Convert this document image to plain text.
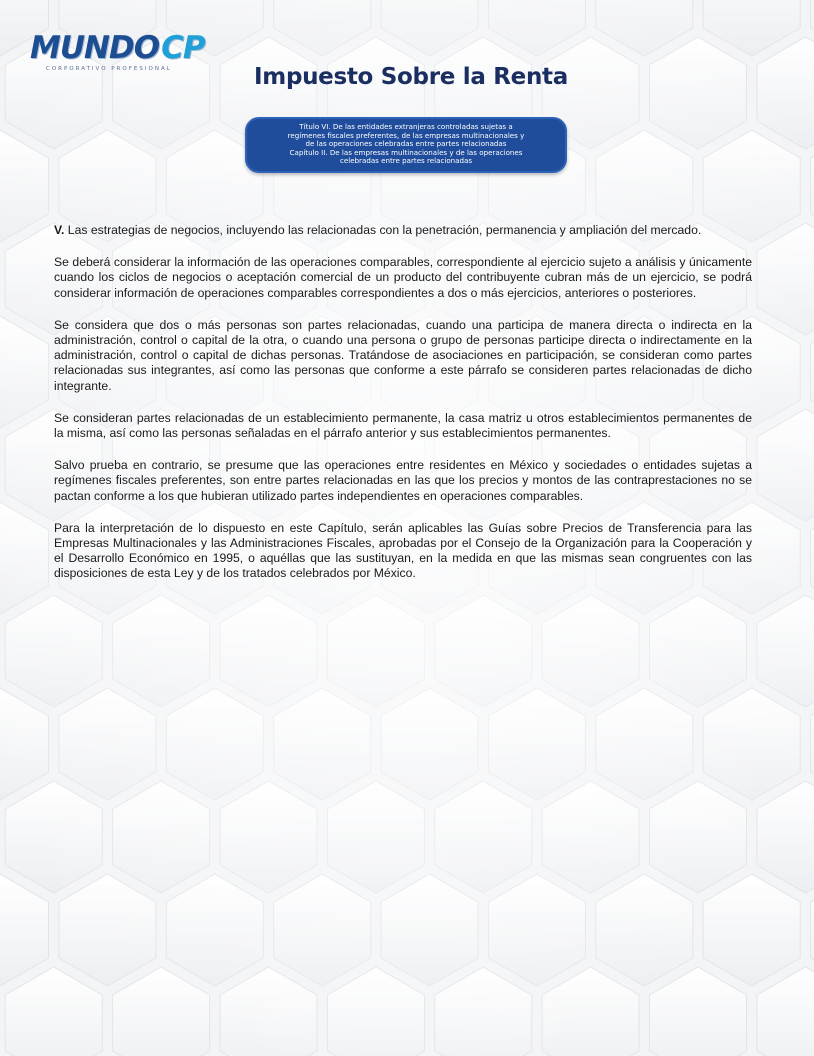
MUNDOCP
CORPORATIVO PROFESIONAL	Impuesto Sobre la Renta
Título VI. De las entidades extranjeras controladas sujetas a
regímenes fiscales preferentes, de las empresas multinacionales y
de las operaciones celebradas entre partes relacionadas
Capítulo II. De las empresas multinacionales y de las operaciones
celebradas entre partes relacionadas

V. Las estrategias de negocios, incluyendo las relacionadas con la penetración, permanencia y ampliación del mercado.

Se deberá considerar la información de las operaciones comparables, correspondiente al ejercicio sujeto a análisis y únicamente cuando los ciclos de negocios o aceptación comercial de un producto del contribuyente cubran más de un ejercicio, se podrá considerar información de operaciones comparables correspondientes a dos o más ejercicios, anteriores o posteriores.

Se considera que dos o más personas son partes relacionadas, cuando una participa de manera directa o indirecta en la administración, control o capital de la otra, o cuando una persona o grupo de personas participe directa o indirectamente en la administración, control o capital de dichas personas. Tratándose de asociaciones en participación, se consideran como partes relacionadas sus integrantes, así como las personas que conforme a este párrafo se consideren partes relacionadas de dicho integrante.

Se consideran partes relacionadas de un establecimiento permanente, la casa matriz u otros establecimientos permanentes de la misma, así como las personas señaladas en el párrafo anterior y sus establecimientos permanentes.

Salvo prueba en contrario, se presume que las operaciones entre residentes en México y sociedades o entidades sujetas a regímenes fiscales preferentes, son entre partes relacionadas en las que los precios y montos de las contraprestaciones no se pactan conforme a los que hubieran utilizado partes independientes en operaciones comparables.

Para la interpretación de lo dispuesto en este Capítulo, serán aplicables las Guías sobre Precios de Transferencia para las Empresas Multinacionales y las Administraciones Fiscales, aprobadas por el Consejo de la Organización para la Cooperación y el Desarrollo Económico en 1995, o aquéllas que las sustituyan, en la medida en que las mismas sean congruentes con las disposiciones de esta Ley y de los tratados celebrados por México.
